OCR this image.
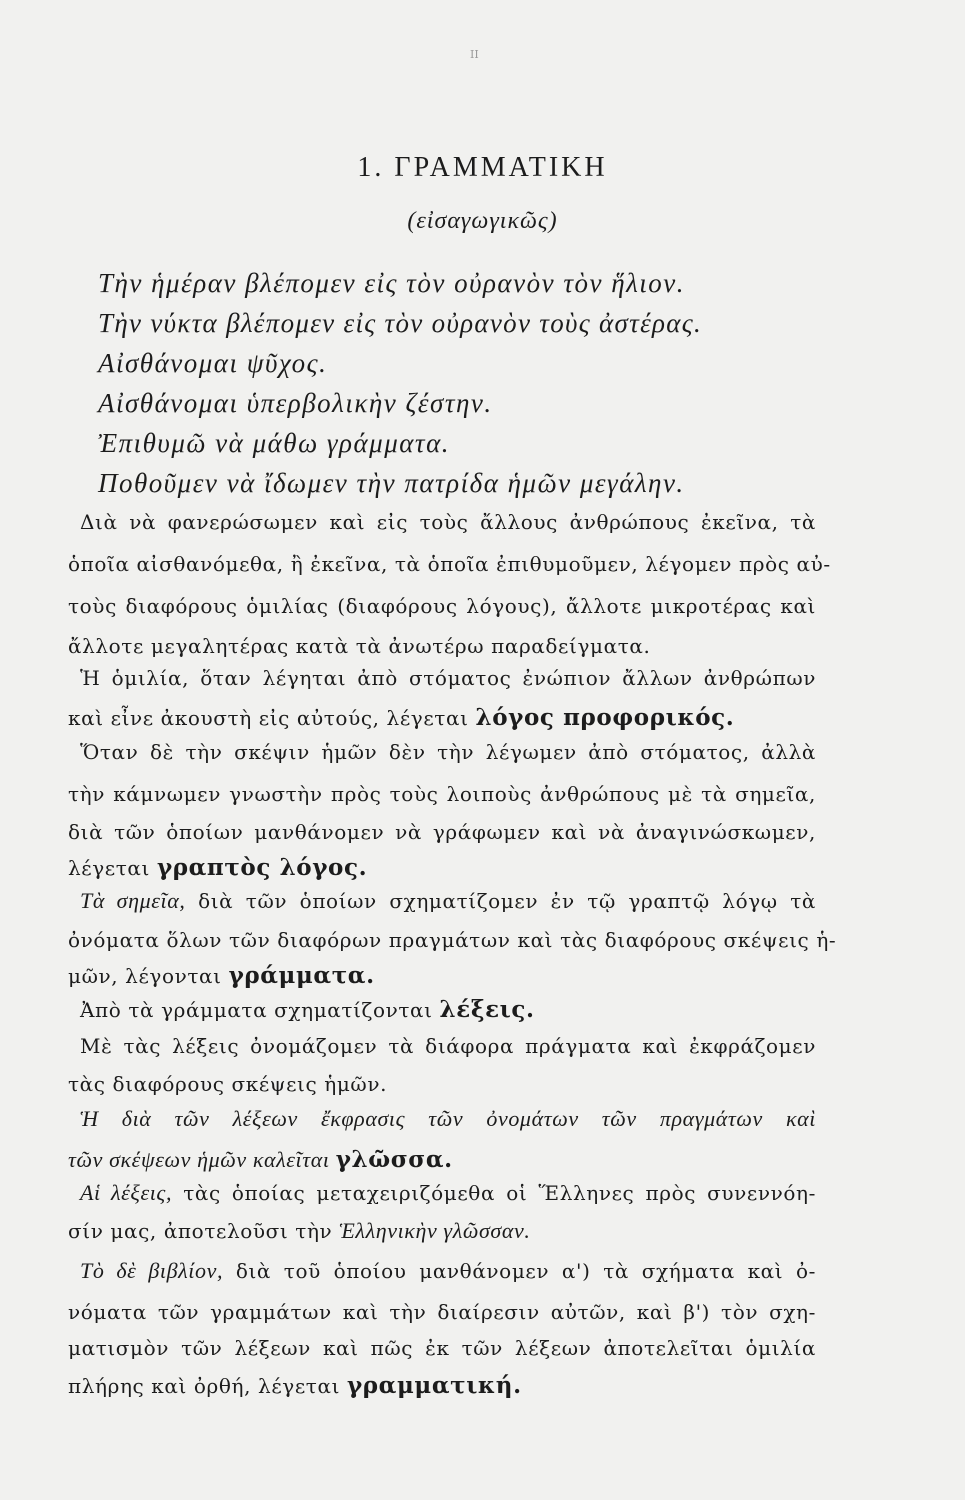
II
1. ΓΡΑΜΜΑΤΙΚΗ
(εἰσαγωγικῶς)
Τὴν ἡμέραν βλέπομεν εἰς τὸν οὐρανὸν τὸν ἥλιον.
Τὴν νύκτα βλέπομεν εἰς τὸν οὐρανὸν τοὺς ἀστέρας.
Αἰσθάνομαι ψῦχος.
Αἰσθάνομαι ὑπερβολικὴν ζέστην.
Ἐπιθυμῶ νὰ μάθω γράμματα.
Ποθοῦμεν νὰ ἴδωμεν τὴν πατρίδα ἡμῶν μεγάλην.
Διὰ νὰ φανερώσωμεν καὶ εἰς τοὺς ἄλλους ἀνθρώπους ἐκεῖνα, τὰ
ὁποῖα αἰσθανόμεθα, ἢ ἐκεῖνα, τὰ ὁποῖα ἐπιθυμοῦμεν, λέγομεν πρὸς αὐ-
τοὺς διαφόρους ὁμιλίας (διαφόρους λόγους), ἄλλοτε μικροτέρας καὶ
ἄλλοτε μεγαλητέρας κατὰ τὰ ἀνωτέρω παραδείγματα.
Ἡ ὁμιλία, ὅταν λέγηται ἀπὸ στόματος ἐνώπιον ἄλλων ἀνθρώπων
καὶ εἶνε ἀκουστὴ εἰς αὐτούς, λέγεται λόγος προφορικός.
Ὅταν δὲ τὴν σκέψιν ἡμῶν δὲν τὴν λέγωμεν ἀπὸ στόματος, ἀλλὰ
τὴν κάμνωμεν γνωστὴν πρὸς τοὺς λοιποὺς ἀνθρώπους μὲ τὰ σημεῖα,
διὰ τῶν ὁποίων μανθάνομεν νὰ γράφωμεν καὶ νὰ ἀναγινώσκωμεν,
λέγεται γραπτὸς λόγος.
Τὰ σημεῖα, διὰ τῶν ὁποίων σχηματίζομεν ἐν τῷ γραπτῷ λόγῳ τὰ
ὀνόματα ὅλων τῶν διαφόρων πραγμάτων καὶ τὰς διαφόρους σκέψεις ἡ-
μῶν, λέγονται γράμματα.
Ἀπὸ τὰ γράμματα σχηματίζονται λέξεις.
Μὲ τὰς λέξεις ὀνομάζομεν τὰ διάφορα πράγματα καὶ ἐκφράζομεν
τὰς διαφόρους σκέψεις ἡμῶν.
Ἡ διὰ τῶν λέξεων ἔκφρασις τῶν ὀνομάτων τῶν πραγμάτων καὶ
τῶν σκέψεων ἡμῶν καλεῖται γλῶσσα.
Αἱ λέξεις, τὰς ὁποίας μεταχειριζόμεθα οἱ Ἕλληνες πρὸς συνεννόη-
σίν μας, ἀποτελοῦσι τὴν Ἑλληνικὴν γλῶσσαν.
Τὸ δὲ βιβλίον, διὰ τοῦ ὁποίου μανθάνομεν α') τὰ σχήματα καὶ ὀ-
νόματα τῶν γραμμάτων καὶ τὴν διαίρεσιν αὐτῶν, καὶ β') τὸν σχη-
ματισμὸν τῶν λέξεων καὶ πῶς ἐκ τῶν λέξεων ἀποτελεῖται ὁμιλία
πλήρης καὶ ὀρθή, λέγεται γραμματική.
